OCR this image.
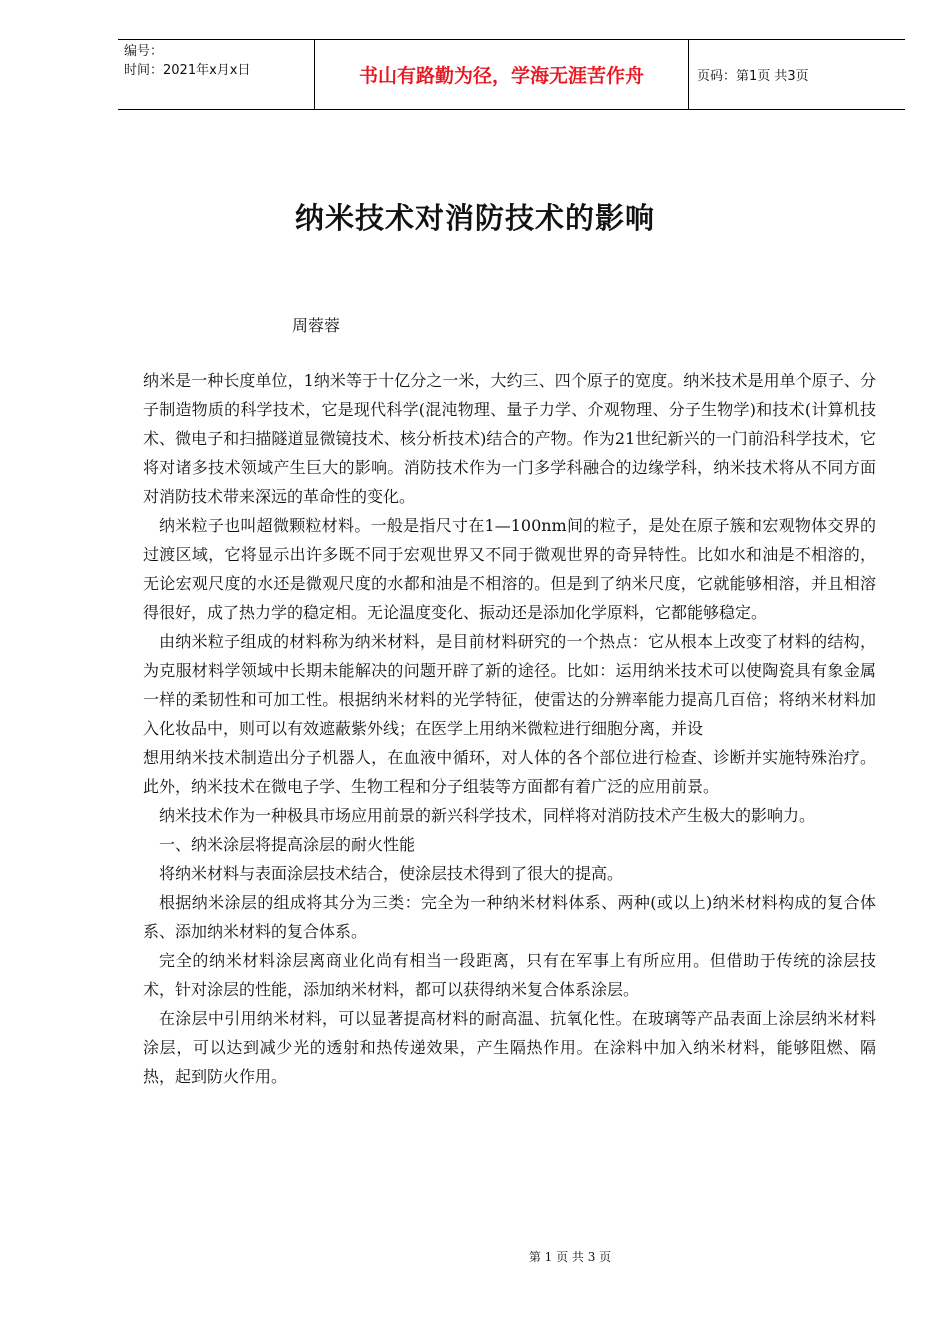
编号：
时间：2021年x月x日	书山有路勤为径，学海无涯苦作舟	页码：第1页 共3页
纳米技术对消防技术的影响
周蓉蓉

纳米是一种长度单位，1纳米等于十亿分之一米，大约三、四个原子的宽度。纳米技术是用单个原子、分子制造物质的科学技术，它是现代科学(混沌物理、量子力学、介观物理、分子生物学)和技术(计算机技术、微电子和扫描隧道显微镜技术、核分析技术)结合的产物。作为21世纪新兴的一门前沿科学技术，它将对诸多技术领域产生巨大的影响。消防技术作为一门多学科融合的边缘学科，纳米技术将从不同方面对消防技术带来深远的革命性的变化。

纳米粒子也叫超微颗粒材料。一般是指尺寸在1—100nm间的粒子，是处在原子簇和宏观物体交界的过渡区域，它将显示出许多既不同于宏观世界又不同于微观世界的奇异特性。比如水和油是不相溶的，无论宏观尺度的水还是微观尺度的水都和油是不相溶的。但是到了纳米尺度，它就能够相溶，并且相溶得很好，成了热力学的稳定相。无论温度变化、振动还是添加化学原料，它都能够稳定。

由纳米粒子组成的材料称为纳米材料，是目前材料研究的一个热点：它从根本上改变了材料的结构，为克服材料学领域中长期未能解决的问题开辟了新的途径。比如：运用纳米技术可以使陶瓷具有象金属一样的柔韧性和可加工性。根据纳米材料的光学特征，使雷达的分辨率能力提高几百倍；将纳米材料加入化妆品中，则可以有效遮蔽紫外线；在医学上用纳米微粒进行细胞分离，并设

想用纳米技术制造出分子机器人，在血液中循环，对人体的各个部位进行检查、诊断并实施特殊治疗。此外，纳米技术在微电子学、生物工程和分子组装等方面都有着广泛的应用前景。

纳米技术作为一种极具市场应用前景的新兴科学技术，同样将对消防技术产生极大的影响力。

一、纳米涂层将提高涂层的耐火性能

将纳米材料与表面涂层技术结合，使涂层技术得到了很大的提高。

根据纳米涂层的组成将其分为三类：完全为一种纳米材料体系、两种(或以上)纳米材料构成的复合体系、添加纳米材料的复合体系。

完全的纳米材料涂层离商业化尚有相当一段距离，只有在军事上有所应用。但借助于传统的涂层技术，针对涂层的性能，添加纳米材料，都可以获得纳米复合体系涂层。

在涂层中引用纳米材料，可以显著提高材料的耐高温、抗氧化性。在玻璃等产品表面上涂层纳米材料涂层，可以达到减少光的透射和热传递效果，产生隔热作用。在涂料中加入纳米材料，能够阻燃、隔热，起到防火作用。

第 1 页 共 3 页
